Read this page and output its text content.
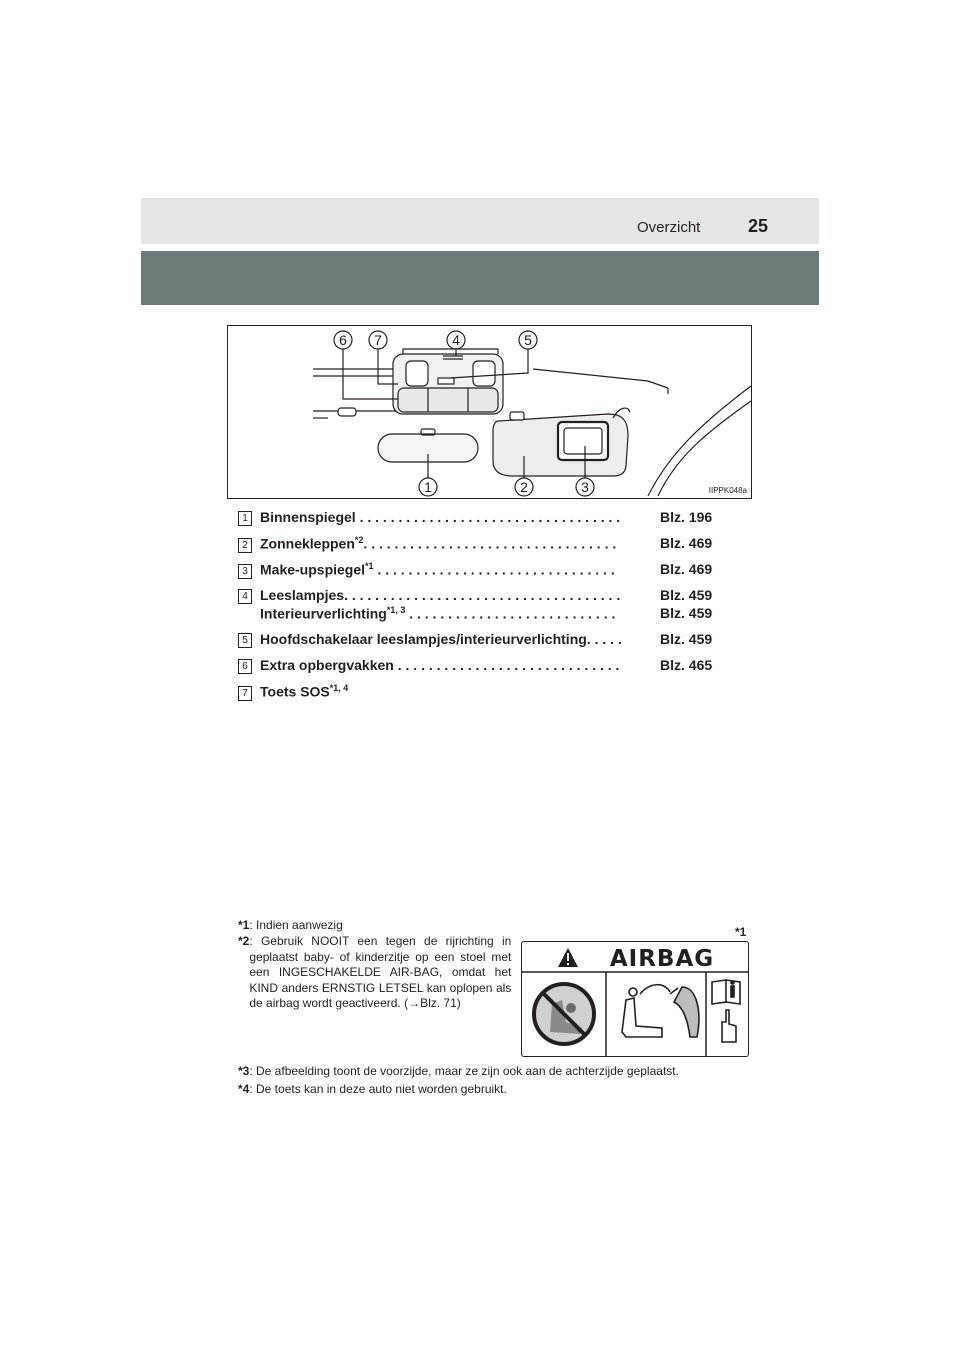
Overzicht	25
6 7	4	5
1	2	3	IIPPK048a
1 Binnenspiegel . . . . . . . . . . . . . . . . . . . . . . . . . . . . . . . . . .	Blz. 196
2 Zonnekleppen$^{*2}$. . . . . . . . . . . . . . . . . . . . . . . . . . . . . . . . .	Blz. 469
3 Make-upspiegel$^{*1}$ . . . . . . . . . . . . . . . . . . . . . . . . . . . . . . .	Blz. 469
4 Leeslampjes. . . . . . . . . . . . . . . . . . . . . . . . . . . . . . . . . . . .	Blz. 459
Interieurverlichting$^{*1, 3}$ . . . . . . . . . . . . . . . . . . . . . . . . . . .	Blz. 459
5 Hoofdschakelaar leeslampjes/interieurverlichting. . . . .	Blz. 459
6 Extra opbergvakken . . . . . . . . . . . . . . . . . . . . . . . . . . . . .	Blz. 465
7 Toets SOS$^{*1, 4}$
*1: Indien aanwezig
*2 : Gebruik NOOIT een tegen de rijrichting in geplaatst baby- of kinderzitje op een stoel met een INGESCHAKELDE AIR-BAG, omdat het KIND anders ERNSTIG LETSEL kan oplopen als de airbag wordt geactiveerd. (→Blz. 71)
*3: De afbeelding toont de voorzijde, maar ze zijn ook aan de achterzijde geplaatst.
*4: De toets kan in deze auto niet worden gebruikt.
*1
AIRBAG
